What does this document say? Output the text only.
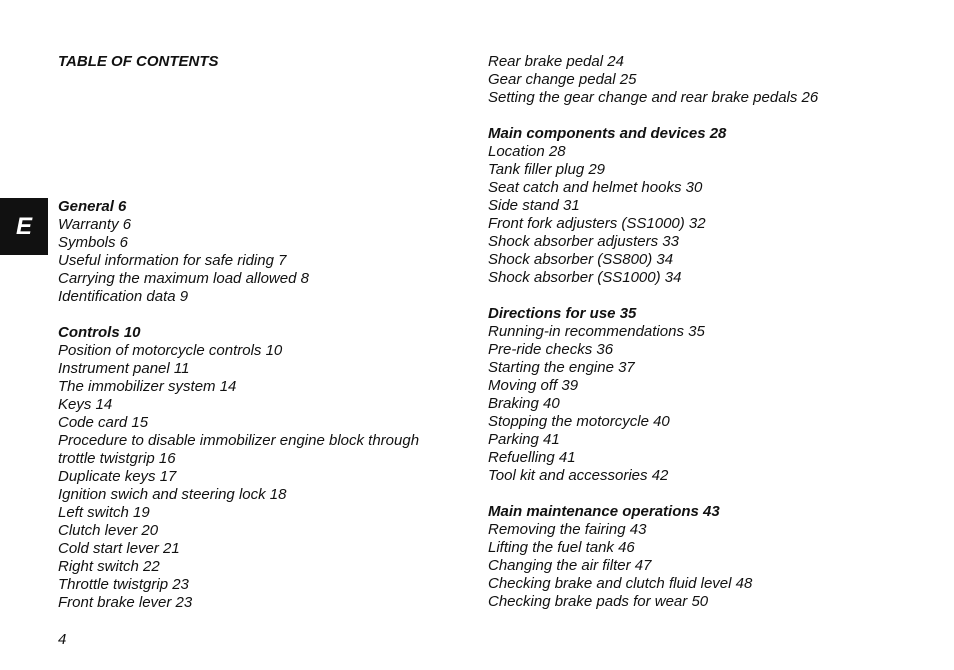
TABLE OF CONTENTS
General 6
Warranty 6
Symbols 6
Useful information for safe riding 7
Carrying the maximum load allowed 8
Identification data 9
Controls 10
Position of motorcycle controls 10
Instrument panel 11
The immobilizer system 14
Keys 14
Code card 15
Procedure to disable immobilizer engine block through trottle twistgrip 16
Duplicate keys 17
Ignition swich and steering lock 18
Left switch 19
Clutch lever 20
Cold start lever 21
Right switch 22
Throttle twistgrip 23
Front brake lever 23
Rear brake pedal 24
Gear change pedal 25
Setting the gear change and rear brake pedals 26
Main components and devices 28
Location 28
Tank filler plug 29
Seat catch and helmet hooks 30
Side stand 31
Front fork adjusters (SS1000) 32
Shock absorber adjusters 33
Shock absorber (SS800) 34
Shock absorber (SS1000) 34
Directions for use 35
Running-in recommendations 35
Pre-ride checks 36
Starting the engine 37
Moving off 39
Braking 40
Stopping the motorcycle 40
Parking 41
Refuelling 41
Tool kit and accessories 42
Main maintenance operations 43
Removing the fairing 43
Lifting the fuel tank 46
Changing the air filter 47
Checking brake and clutch fluid level 48
Checking brake pads for wear 50
E
4
